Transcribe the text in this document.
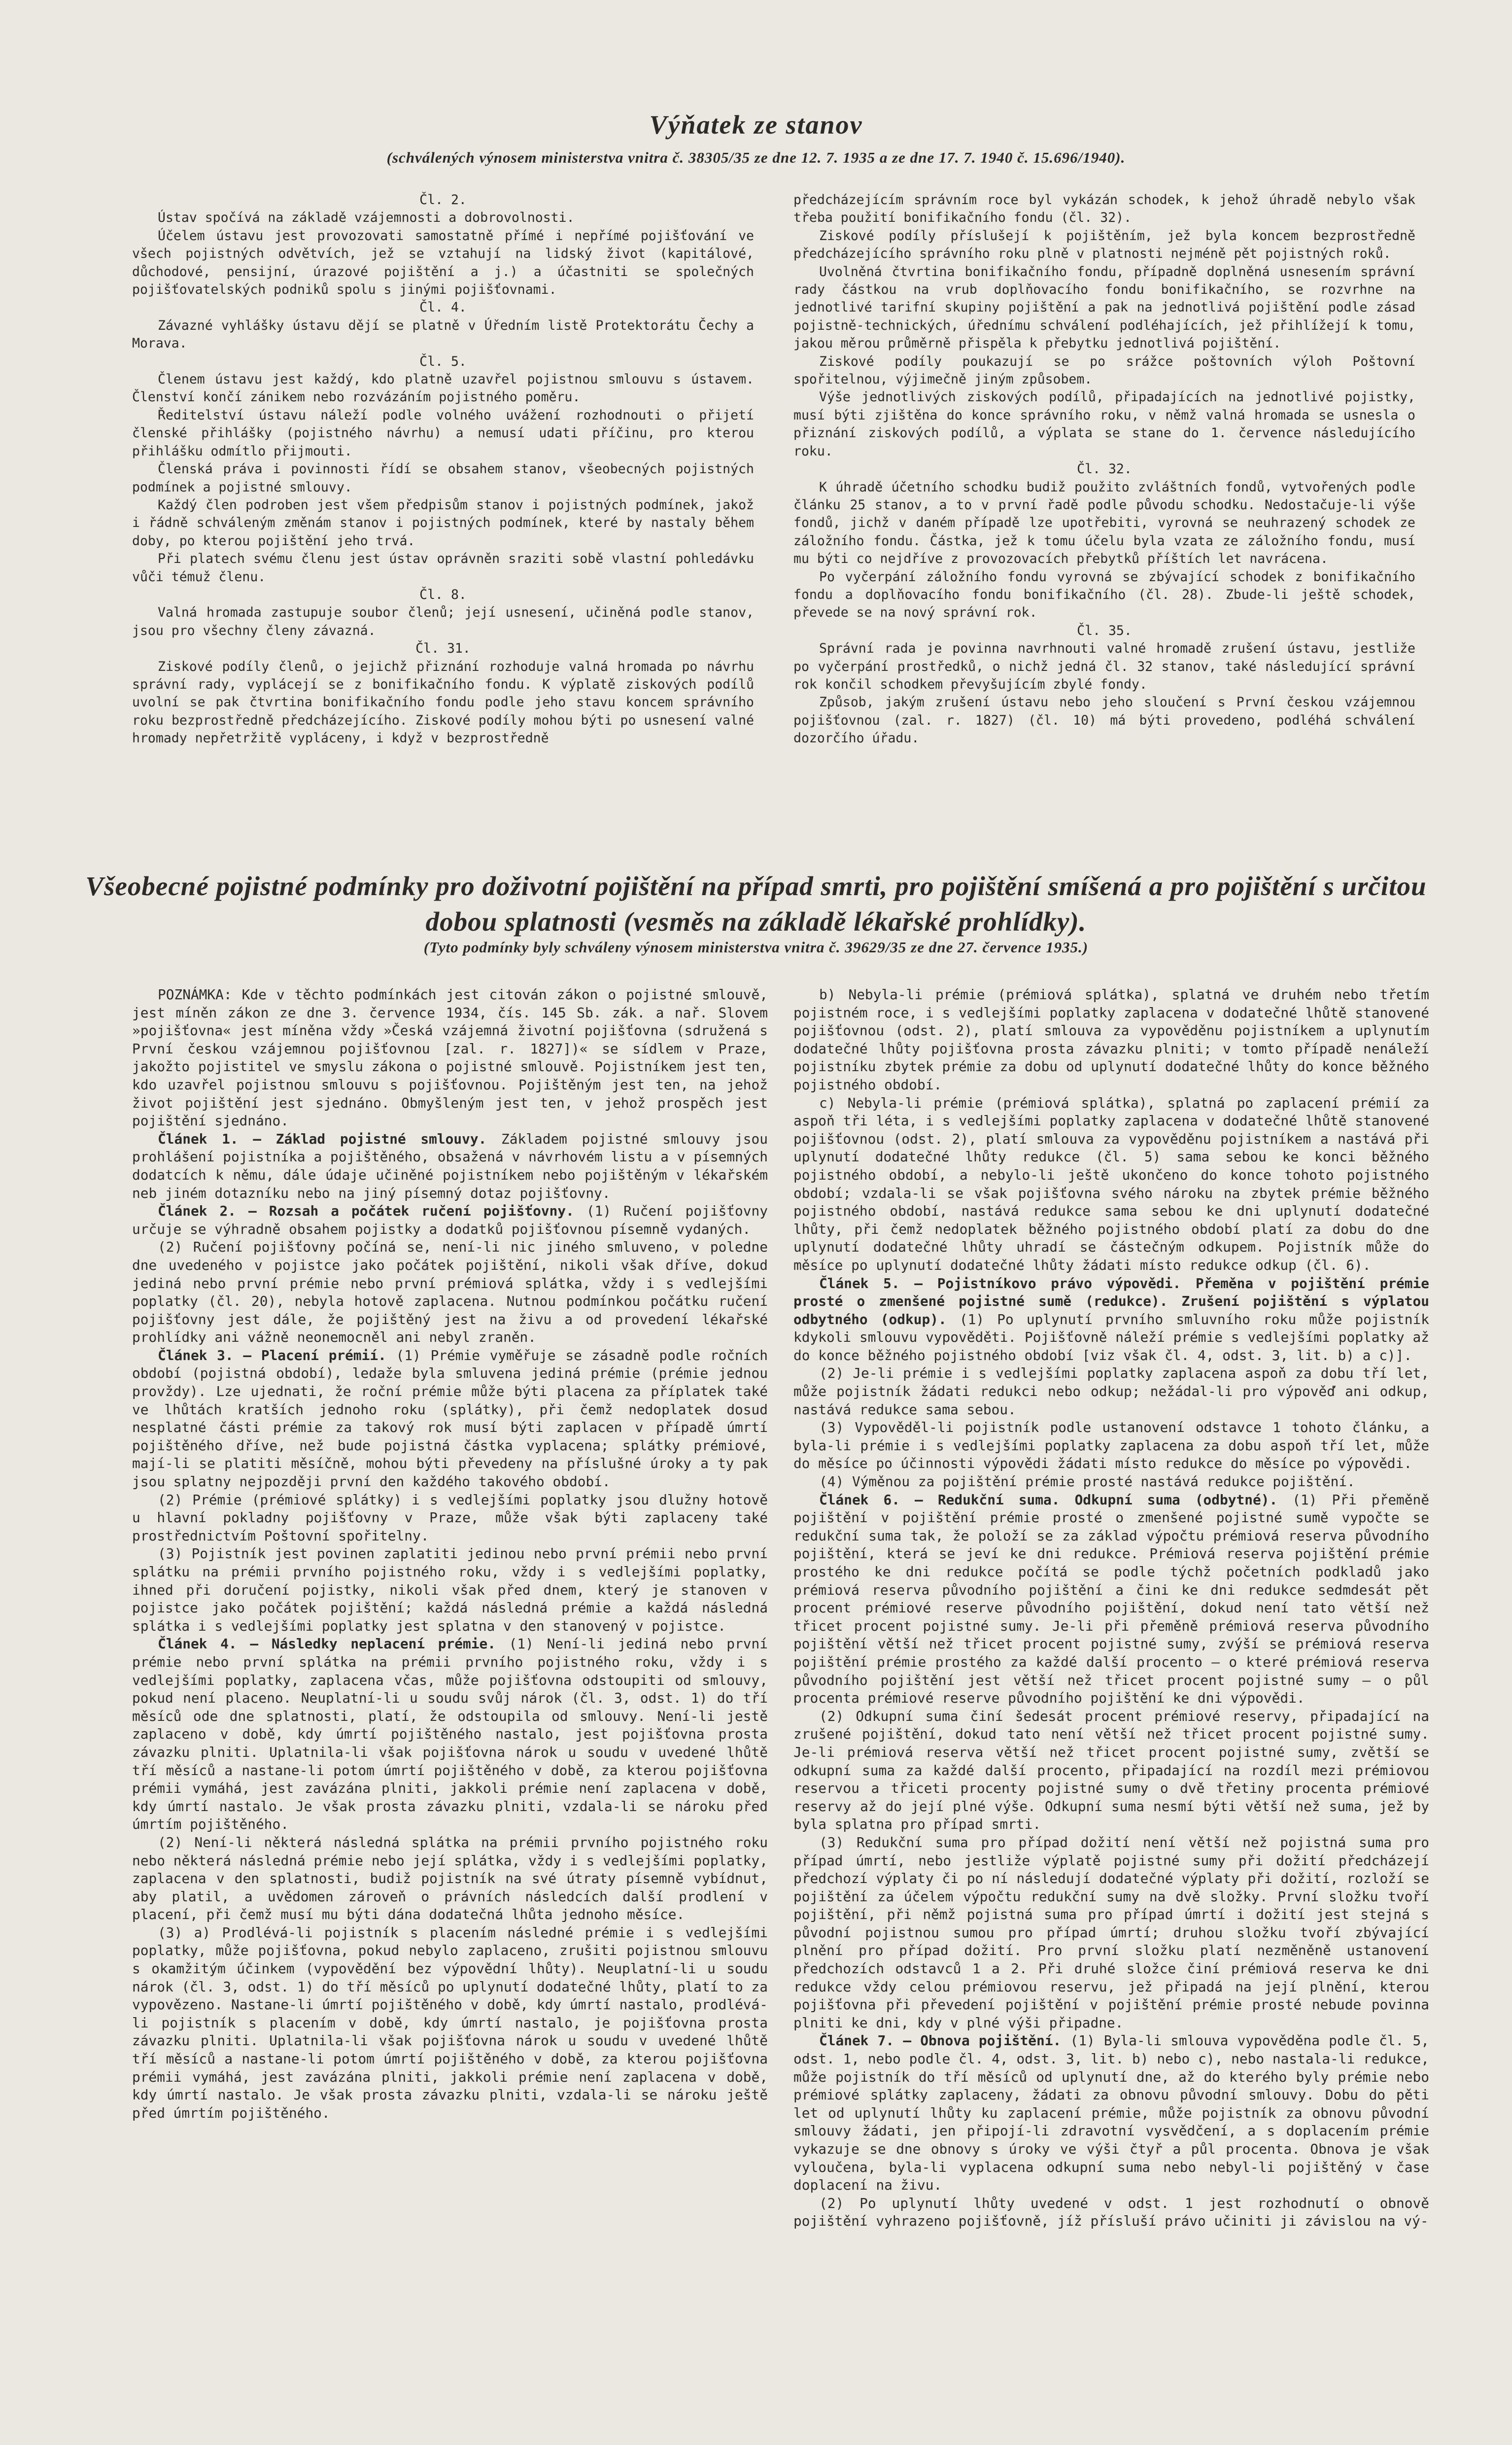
Výňatek ze stanov
(schválených výnosem ministerstva vnitra č. 38305/35 ze dne 12. 7. 1935 a ze dne 17. 7. 1940 č. 15.696/1940).

Čl. 2.

Ústav spočívá na základě vzájemnosti a dobrovolnosti.

Účelem ústavu jest provozovati samostatně přímé i nepřímé pojišťování ve všech pojistných odvětvích, jež se vztahují na lidský život (kapitálové, důchodové, pensijní, úrazové pojištění a j.) a účastniti se společných pojišťovatelských podniků spolu s jinými pojišťovnami.

Čl. 4.

Závazné vyhlášky ústavu dějí se platně v Úředním listě Protektorátu Čechy a Morava.

Čl. 5.

Členem ústavu jest každý, kdo platně uzavřel pojistnou smlouvu s ústavem. Členství končí zánikem nebo rozvázáním pojistného poměru.

Ředitelství ústavu náleží podle volného uvážení rozhodnouti o přijetí členské přihlášky (pojistného návrhu) a nemusí udati příčinu, pro kterou přihlášku odmítlo přijmouti.

Členská práva i povinnosti řídí se obsahem stanov, všeobecných pojistných podmínek a pojistné smlouvy.

Každý člen podroben jest všem předpisům stanov i pojistných podmínek, jakož i řádně schváleným změnám stanov i pojistných podmínek, které by nastaly během doby, po kterou pojištění jeho trvá.

Při platech svému členu jest ústav oprávněn sraziti sobě vlastní pohledávku vůči témuž členu.

Čl. 8.

Valná hromada zastupuje soubor členů; její usnesení, učiněná podle stanov, jsou pro všechny členy závazná.

Čl. 31.

Ziskové podíly členů, o jejichž přiznání rozhoduje valná hromada po návrhu správní rady, vyplácejí se z bonifikačního fondu. K výplatě ziskových podílů uvolní se pak čtvrtina bonifikačního fondu podle jeho stavu koncem správního roku bezprostředně předcházejícího. Ziskové podíly mohou býti po usnesení valné hromady nepřetržitě vypláceny, i když v bezprostředně

předcházejícím správním roce byl vykázán schodek, k jehož úhradě nebylo však třeba použití bonifikačního fondu (čl. 32).

Ziskové podíly příslušejí k pojištěním, jež byla koncem bezprostředně předcházejícího správního roku plně v platnosti nejméně pět pojistných roků.

Uvolněná čtvrtina bonifikačního fondu, případně doplněná usnesením správní rady částkou na vrub doplňovacího fondu bonifikačního, se rozvrhne na jednotlivé tarifní skupiny pojištění a pak na jednotlivá pojištění podle zásad pojistně-technických, úřednímu schválení podléhajících, jež přihlížejí k tomu, jakou měrou průměrně přispěla k přebytku jednotlivá pojištění.

Ziskové podíly poukazují se po srážce poštovních výloh Poštovní spořitelnou, výjimečně jiným způsobem.

Výše jednotlivých ziskových podílů, připadajících na jednotlivé pojistky, musí býti zjištěna do konce správního roku, v němž valná hromada se usnesla o přiznání ziskových podílů, a výplata se stane do 1. července následujícího roku.

Čl. 32.

K úhradě účetního schodku budiž použito zvláštních fondů, vytvořených podle článku 25 stanov, a to v první řadě podle původu schodku. Nedostačuje-li výše fondů, jichž v daném případě lze upotřebiti, vyrovná se neuhrazený schodek ze záložního fondu. Částka, jež k tomu účelu byla vzata ze záložního fondu, musí mu býti co nejdříve z provozovacích přebytků příštích let navrácena.

Po vyčerpání záložního fondu vyrovná se zbývající schodek z bonifikačního fondu a doplňovacího fondu bonifikačního (čl. 28). Zbude-li ještě schodek, převede se na nový správní rok.

Čl. 35.

Správní rada je povinna navrhnouti valné hromadě zrušení ústavu, jestliže po vyčerpání prostředků, o nichž jedná čl. 32 stanov, také následující správní rok končil schodkem převyšujícím zbylé fondy.

Způsob, jakým zrušení ústavu nebo jeho sloučení s První českou vzájemnou pojišťovnou (zal. r. 1827) (čl. 10) má býti provedeno, podléhá schválení dozorčího úřadu.

Všeobecné pojistné podmínky pro doživotní pojištění na případ smrti, pro pojištění smíšená a pro pojištění s určitou dobou splatnosti (vesměs na základě lékařské prohlídky).
(Tyto podmínky byly schváleny výnosem ministerstva vnitra č. 39629/35 ze dne 27. července 1935.)

POZNÁMKA: Kde v těchto podmínkách jest citován zákon o pojistné smlouvě, jest míněn zákon ze dne 3. července 1934, čís. 145 Sb. zák. a nař. Slovem »pojišťovna« jest míněna vždy »Česká vzájemná životní pojišťovna (sdružená s První českou vzájemnou pojišťovnou [zal. r. 1827])« se sídlem v Praze, jakožto pojistitel ve smyslu zákona o pojistné smlouvě. Pojistníkem jest ten, kdo uzavřel pojistnou smlouvu s pojišťovnou. Pojištěným jest ten, na jehož život pojištění jest sjednáno. Obmyšleným jest ten, v jehož prospěch jest pojištění sjednáno.

Článek 1. — Základ pojistné smlouvy. Základem pojistné smlouvy jsou prohlášení pojistníka a pojištěného, obsažená v návrhovém listu a v písemných dodatcích k němu, dále údaje učiněné pojistníkem nebo pojištěným v lékařském neb jiném dotazníku nebo na jiný písemný dotaz pojišťovny.

Článek 2. — Rozsah a počátek ručení pojišťovny. (1) Ručení pojišťovny určuje se výhradně obsahem pojistky a dodatků pojišťovnou písemně vydaných.

(2) Ručení pojišťovny počíná se, není-li nic jiného smluveno, v poledne dne uvedeného v pojistce jako počátek pojištění, nikoli však dříve, dokud jediná nebo první prémie nebo první prémiová splátka, vždy i s vedlejšími poplatky (čl. 20), nebyla hotově zaplacena. Nutnou podmínkou počátku ručení pojišťovny jest dále, že pojištěný jest na živu a od provedení lékařské prohlídky ani vážně neonemocněl ani nebyl zraněn.

Článek 3. — Placení prémií. (1) Prémie vyměřuje se zásadně podle ročních období (pojistná období), ledaže byla smluvena jediná prémie (prémie jednou provždy). Lze ujednati, že roční prémie může býti placena za příplatek také ve lhůtách kratších jednoho roku (splátky), při čemž nedoplatek dosud nesplatné části prémie za takový rok musí býti zaplacen v případě úmrtí pojištěného dříve, než bude pojistná částka vyplacena; splátky prémiové, mají-li se platiti měsíčně, mohou býti převedeny na příslušné úroky a ty pak jsou splatny nejpozději první den každého takového období.

(2) Prémie (prémiové splátky) i s vedlejšími poplatky jsou dlužny hotově u hlavní pokladny pojišťovny v Praze, může však býti zaplaceny také prostřednictvím Poštovní spořitelny.

(3) Pojistník jest povinen zaplatiti jedinou nebo první prémii nebo první splátku na prémii prvního pojistného roku, vždy i s vedlejšími poplatky, ihned při doručení pojistky, nikoli však před dnem, který je stanoven v pojistce jako počátek pojištění; každá následná prémie a každá následná splátka i s vedlejšími poplatky jest splatna v den stanovený v pojistce.

Článek 4. — Následky neplacení prémie. (1) Není-li jediná nebo první prémie nebo první splátka na prémii prvního pojistného roku, vždy i s vedlejšími poplatky, zaplacena včas, může pojišťovna odstoupiti od smlouvy, pokud není placeno. Neuplatní-li u soudu svůj nárok (čl. 3, odst. 1) do tří měsíců ode dne splatnosti, platí, že odstoupila od smlouvy. Není-li jestě zaplaceno v době, kdy úmrtí pojištěného nastalo, jest pojišťovna prosta závazku plniti. Uplatnila-li však pojišťovna nárok u soudu v uvedené lhůtě tří měsíců a nastane-li potom úmrtí pojištěného v době, za kterou pojišťovna prémii vymáhá, jest zavázána plniti, jakkoli prémie není zaplacena v době, kdy úmrtí nastalo. Je však prosta závazku plniti, vzdala-li se nároku před úmrtím pojištěného.

(2) Není-li některá následná splátka na prémii prvního pojistného roku nebo některá následná prémie nebo její splátka, vždy i s vedlejšími poplatky, zaplacena v den splatnosti, budiž pojistník na své útraty písemně vybídnut, aby platil, a uvědomen zároveň o právních následcích další prodlení v placení, při čemž musí mu býti dána dodatečná lhůta jednoho měsíce.

(3) a) Prodlévá-li pojistník s placením následné prémie i s vedlejšími poplatky, může pojišťovna, pokud nebylo zaplaceno, zrušiti pojistnou smlouvu s okamžitým účinkem (vypovědění bez výpovědní lhůty). Neuplatní-li u soudu nárok (čl. 3, odst. 1) do tří měsíců po uplynutí dodatečné lhůty, platí to za vypovězeno. Nastane-li úmrtí pojištěného v době, kdy úmrtí nastalo, prodlévá-li pojistník s placením v době, kdy úmrtí nastalo, je pojišťovna prosta závazku plniti. Uplatnila-li však pojišťovna nárok u soudu v uvedené lhůtě tří měsíců a nastane-li potom úmrtí pojištěného v době, za kterou pojišťovna prémii vymáhá, jest zavázána plniti, jakkoli prémie není zaplacena v době, kdy úmrtí nastalo. Je však prosta závazku plniti, vzdala-li se nároku ještě před úmrtím pojištěného.

b) Nebyla-li prémie (prémiová splátka), splatná ve druhém nebo třetím pojistném roce, i s vedlejšími poplatky zaplacena v dodatečné lhůtě stanovené pojišťovnou (odst. 2), platí smlouva za vypověděnu pojistníkem a uplynutím dodatečné lhůty pojišťovna prosta závazku plniti; v tomto případě nenáleží pojistníku zbytek prémie za dobu od uplynutí dodatečné lhůty do konce běžného pojistného období.

c) Nebyla-li prémie (prémiová splátka), splatná po zaplacení prémií za aspoň tři léta, i s vedlejšími poplatky zaplacena v dodatečné lhůtě stanovené pojišťovnou (odst. 2), platí smlouva za vypověděnu pojistníkem a nastává při uplynutí dodatečné lhůty redukce (čl. 5) sama sebou ke konci běžného pojistného období, a nebylo-li ještě ukončeno do konce tohoto pojistného období; vzdala-li se však pojišťovna svého nároku na zbytek prémie běžného pojistného období, nastává redukce sama sebou ke dni uplynutí dodatečné lhůty, při čemž nedoplatek běžného pojistného období platí za dobu do dne uplynutí dodatečné lhůty uhradí se částečným odkupem. Pojistník může do měsíce po uplynutí dodatečné lhůty žádati místo redukce odkup (čl. 6).

Článek 5. — Pojistníkovo právo výpovědi. Přeměna v pojištění prémie prosté o zmenšené pojistné sumě (redukce). Zrušení pojištění s výplatou odbytného (odkup). (1) Po uplynutí prvního smluvního roku může pojistník kdykoli smlouvu vypověděti. Pojišťovně náleží prémie s vedlejšími poplatky až do konce běžného pojistného období [viz však čl. 4, odst. 3, lit. b) a c)].

(2) Je-li prémie i s vedlejšími poplatky zaplacena aspoň za dobu tří let, může pojistník žádati redukci nebo odkup; nežádal-li pro výpověď ani odkup, nastává redukce sama sebou.

(3) Vypověděl-li pojistník podle ustanovení odstavce 1 tohoto článku, a byla-li prémie i s vedlejšími poplatky zaplacena za dobu aspoň tří let, může do měsíce po účinnosti výpovědi žádati místo redukce do měsíce po výpovědi.

(4) Výměnou za pojištění prémie prosté nastává redukce pojištění.

Článek 6. — Redukční suma. Odkupní suma (odbytné). (1) Při přeměně pojištění v pojištění prémie prosté o zmenšené pojistné sumě vypočte se redukční suma tak, že položí se za základ výpočtu prémiová reserva původního pojištění, která se jeví ke dni redukce. Prémiová reserva pojištění prémie prostého ke dni redukce počítá se podle týchž početních podkladů jako prémiová reserva původního pojištění a čini ke dni redukce sedmdesát pět procent prémiové reserve původního pojištění, dokud není tato větší než třicet procent pojistné sumy. Je-li při přeměně prémiová reserva původního pojištění větší než třicet procent pojistné sumy, zvýší se prémiová reserva pojištění prémie prostého za každé další procento — o které prémiová reserva původního pojištění jest větší než třicet procent pojistné sumy — o půl procenta prémiové reserve původního pojištění ke dni výpovědi.

(2) Odkupní suma činí šedesát procent prémiové reservy, připadající na zrušené pojištění, dokud tato není větší než třicet procent pojistné sumy. Je-li prémiová reserva větší než třicet procent pojistné sumy, zvětší se odkupní suma za každé další procento, připadající na rozdíl mezi prémiovou reservou a třiceti procenty pojistné sumy o dvě třetiny procenta prémiové reservy až do její plné výše. Odkupní suma nesmí býti větší než suma, jež by byla splatna pro případ smrti.

(3) Redukční suma pro případ dožití není větší než pojistná suma pro případ úmrtí, nebo jestliže výplatě pojistné sumy při dožití předcházejí předchozí výplaty či po ní následují dodatečné výplaty při dožití, rozloží se pojištění za účelem výpočtu redukční sumy na dvě složky. První složku tvoří pojištění, při němž pojistná suma pro případ úmrtí i dožití jest stejná s původní pojistnou sumou pro případ úmrtí; druhou složku tvoří zbývající plnění pro případ dožití. Pro první složku platí nezměněně ustanovení předchozích odstavců 1 a 2. Při druhé složce činí prémiová reserva ke dni redukce vždy celou prémiovou reservu, jež připadá na její plnění, kterou pojišťovna při převedení pojištění v pojištění prémie prosté nebude povinna plniti ke dni, kdy v plné výši připadne.

Článek 7. — Obnova pojištění. (1) Byla-li smlouva vypověděna podle čl. 5, odst. 1, nebo podle čl. 4, odst. 3, lit. b) nebo c), nebo nastala-li redukce, může pojistník do tří měsíců od uplynutí dne, až do kterého byly prémie nebo prémiové splátky zaplaceny, žádati za obnovu původní smlouvy. Dobu do pěti let od uplynutí lhůty ku zaplacení prémie, může pojistník za obnovu původní smlouvy žádati, jen připojí-li zdravotní vysvědčení, a s doplacením prémie vykazuje se dne obnovy s úroky ve výši čtyř a půl procenta. Obnova je však vyloučena, byla-li vyplacena odkupní suma nebo nebyl-li pojištěný v čase doplacení na živu.

(2) Po uplynutí lhůty uvedené v odst. 1 jest rozhodnutí o obnově pojištění vyhrazeno pojišťovně, jíž přísluší právo učiniti ji závislou na vý-
